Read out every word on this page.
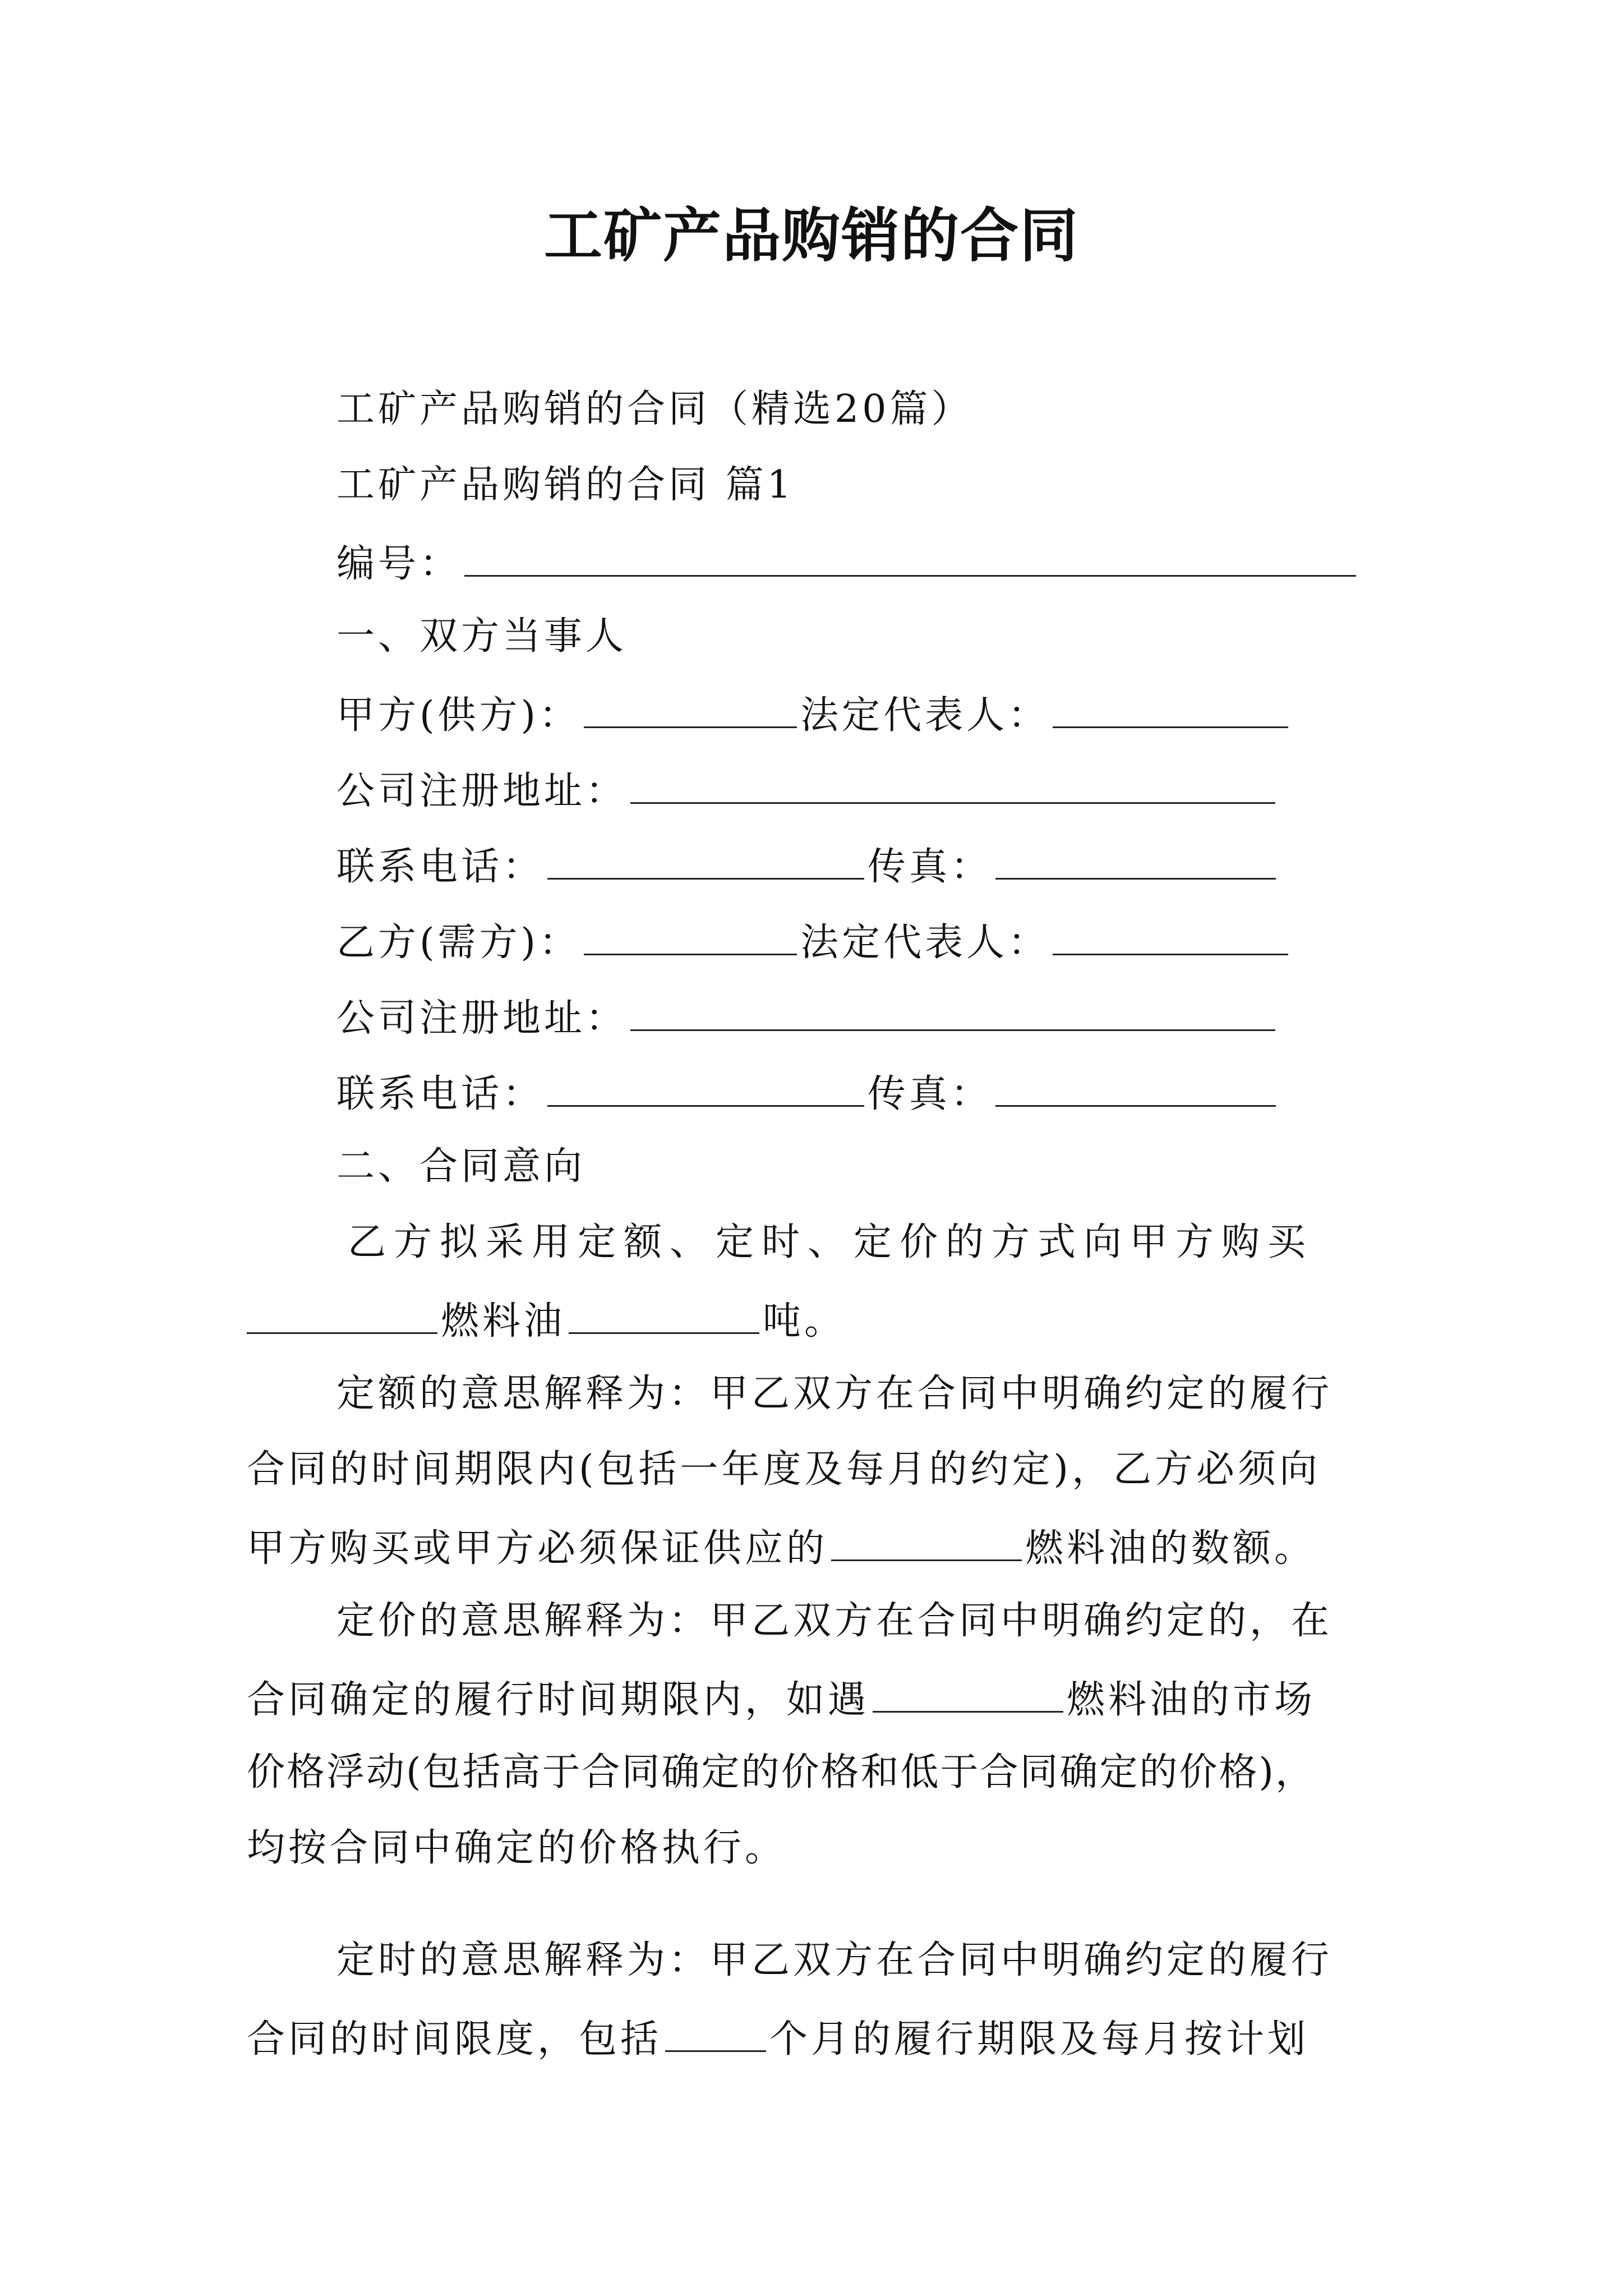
工矿产品购销的合同
工矿产品购销的合同（精选20篇）
工矿产品购销的合同 篇1
编号：
一、双方当事人
甲方(供方)：	法定代表人：
公司注册地址：
联系电话：	传真：
乙方(需方)：	法定代表人：
公司注册地址：
联系电话：	传真：
二、合同意向
乙方拟采用定额、定时、定价的方式向甲方购买
燃料油	吨。
定额的意思解释为：甲乙双方在合同中明确约定的履行
合同的时间期限内(包括一年度及每月的约定)，乙方必须向
甲方购买或甲方必须保证供应的	燃料油的数额。
定价的意思解释为：甲乙双方在合同中明确约定的，在
合同确定的履行时间期限内，如遇	燃料油的市场
价格浮动(包括高于合同确定的价格和低于合同确定的价格)，
均按合同中确定的价格执行。
定时的意思解释为：甲乙双方在合同中明确约定的履行
合同的时间限度，包括	个月的履行期限及每月按计划
